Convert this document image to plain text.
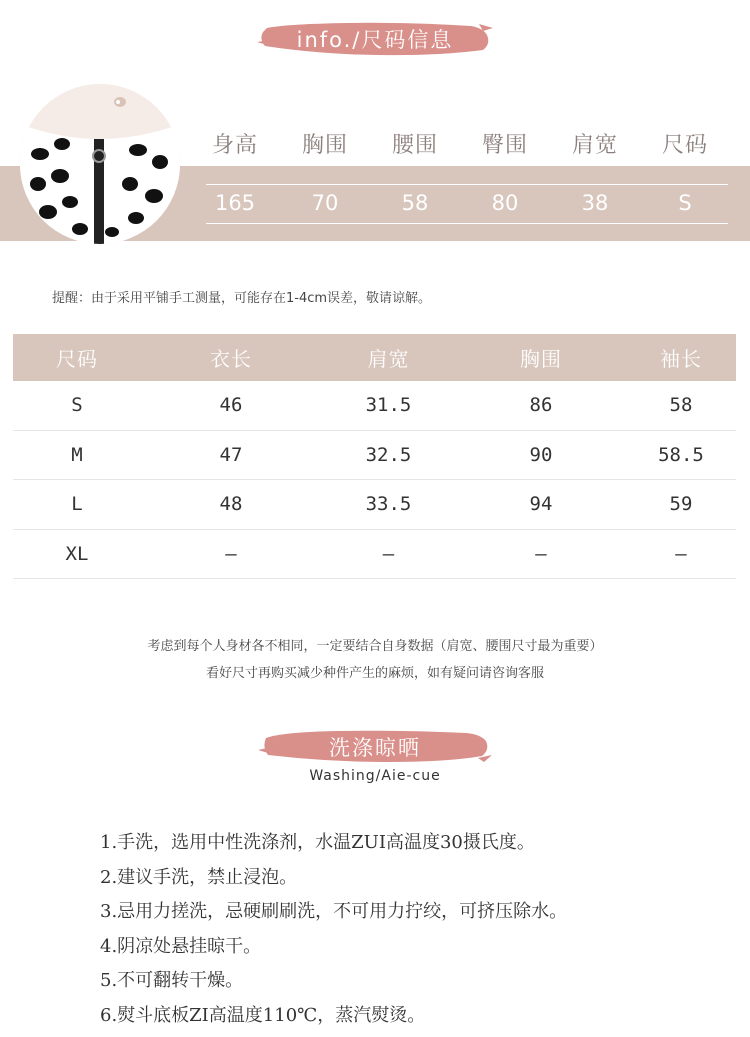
info./尺码信息
身高	胸围	腰围	臀围	肩宽	尺码
165	70	58	80	38	S
提醒：由于采用平铺手工测量，可能存在1-4cm误差，敬请谅解。
尺码	衣长	肩宽	胸围	袖长
S	46	31.5	86	58
M	47	32.5	90	58.5
L	48	33.5	94	59
XL	–	–	–	–
考虑到每个人身材各不相同，一定要结合自身数据（肩宽、腰围尺寸最为重要）
看好尺寸再购买减少种件产生的麻烦，如有疑问请咨询客服
洗涤晾晒
Washing/Aie-cue
1.手洗，选用中性洗涤剂，水温ZUI高温度30摄氏度。
2.建议手洗，禁止浸泡。
3.忌用力搓洗，忌硬刷刷洗，不可用力拧绞，可挤压除水。
4.阴凉处悬挂晾干。
5.不可翻转干燥。
6.熨斗底板ZI高温度110℃，蒸汽熨烫。
